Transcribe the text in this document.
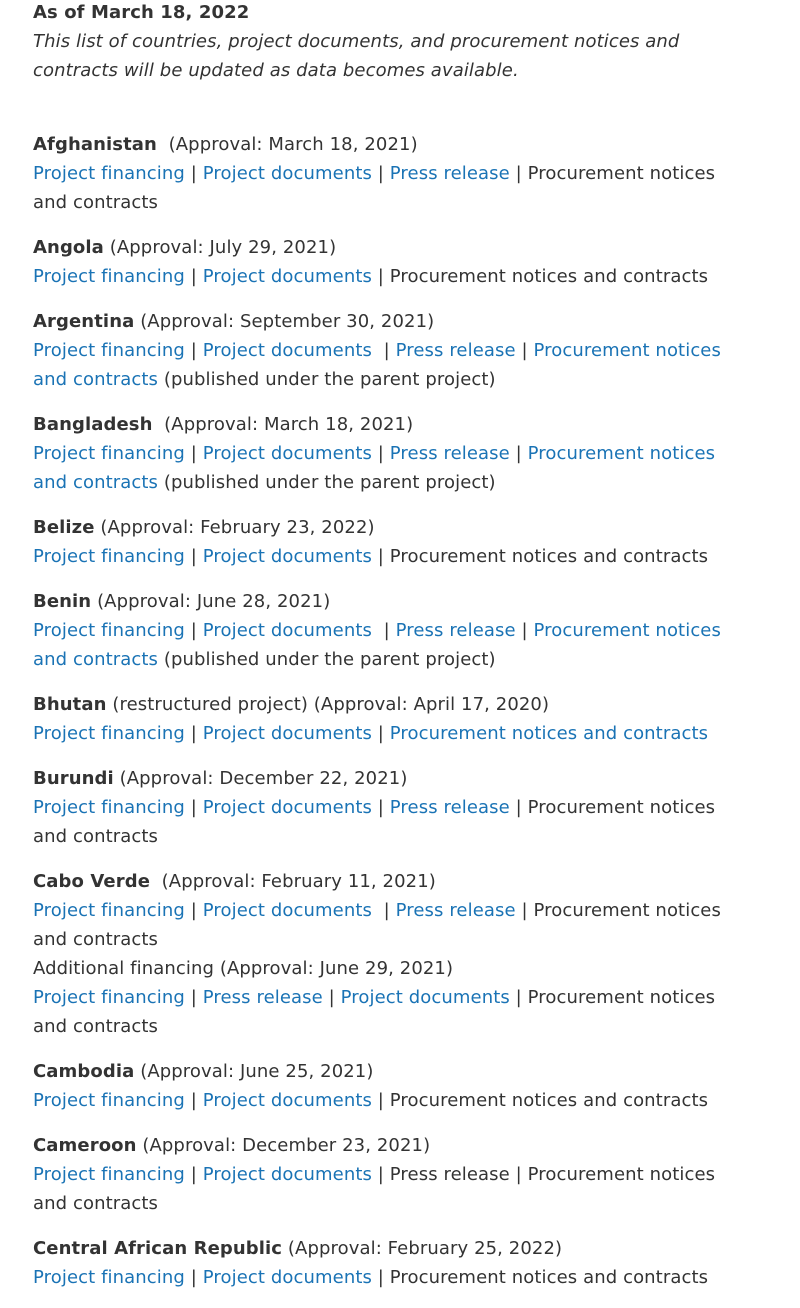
As of March 18, 2022

This list of countries, project documents, and procurement notices and contracts will be updated as data becomes available.

Afghanistan (Approval: March 18, 2021)

Project financing | Project documents | Press release | Procurement notices and contracts

Angola (Approval: July 29, 2021)

Project financing | Project documents | Procurement notices and contracts

Argentina (Approval: September 30, 2021)

Project financing | Project documents | Press release | Procurement notices and contracts (published under the parent project)

Bangladesh (Approval: March 18, 2021)

Project financing | Project documents | Press release | Procurement notices and contracts (published under the parent project)

Belize (Approval: February 23, 2022)

Project financing | Project documents | Procurement notices and contracts

Benin (Approval: June 28, 2021)

Project financing | Project documents | Press release | Procurement notices and contracts (published under the parent project)

Bhutan (restructured project) (Approval: April 17, 2020)

Project financing | Project documents | Procurement notices and contracts

Burundi (Approval: December 22, 2021)

Project financing | Project documents | Press release | Procurement notices and contracts

Cabo Verde (Approval: February 11, 2021)

Project financing | Project documents | Press release | Procurement notices and contracts

Additional financing (Approval: June 29, 2021)

Project financing | Press release | Project documents | Procurement notices and contracts

Cambodia (Approval: June 25, 2021)

Project financing | Project documents | Procurement notices and contracts

Cameroon (Approval: December 23, 2021)

Project financing | Project documents | Press release | Procurement notices and contracts

Central African Republic (Approval: February 25, 2022)

Project financing | Project documents | Procurement notices and contracts
